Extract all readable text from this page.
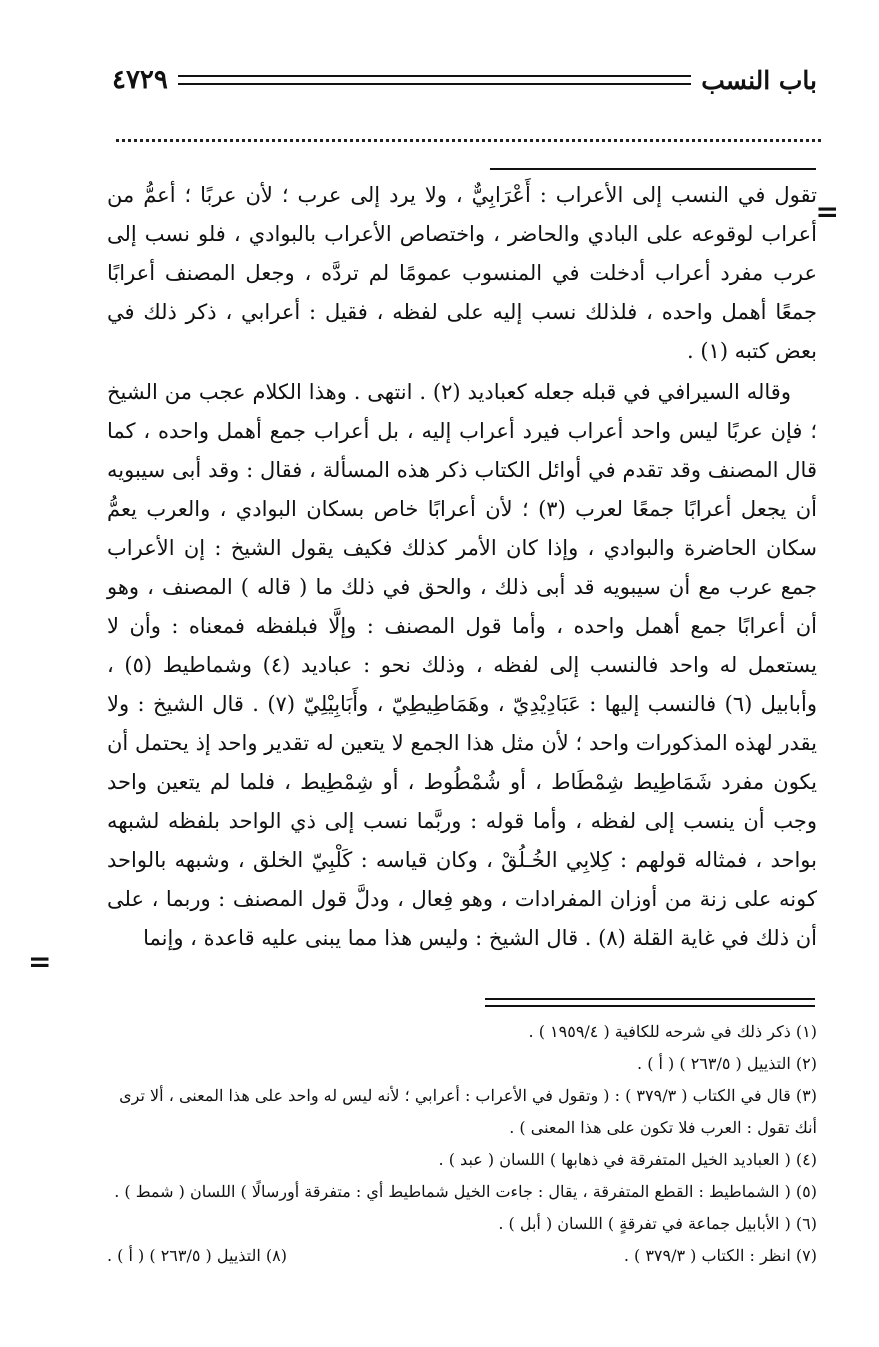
باب النسب
٤٧٢٩
=
=

تقول في النسب إلى الأعراب : أَعْرَابِيٌّ ، ولا يرد إلى عرب ؛ لأن عربًا ؛ أعمُّ من أعراب لوقوعه على البادي والحاضر ، واختصاص الأعراب بالبوادي ، فلو نسب إلى عرب مفرد أعراب أدخلت في المنسوب عمومًا لم تردَّه ، وجعل المصنف أعرابًا جمعًا أهمل واحده ، فلذلك نسب إليه على لفظه ، فقيل : أعرابي ، ذكر ذلك في بعض كتبه (١) .

وقاله السيرافي في قبله جعله كعباديد (٢) . انتهى . وهذا الكلام عجب من الشيخ ؛ فإن عربًا ليس واحد أعراب فيرد أعراب إليه ، بل أعراب جمع أهمل واحده ، كما قال المصنف وقد تقدم في أوائل الكتاب ذكر هذه المسألة ، فقال : وقد أبى سيبويه أن يجعل أعرابًا جمعًا لعرب (٣) ؛ لأن أعرابًا خاص بسكان البوادي ، والعرب يعمُّ سكان الحاضرة والبوادي ، وإذا كان الأمر كذلك فكيف يقول الشيخ : إن الأعراب جمع عرب مع أن سيبويه قد أبى ذلك ، والحق في ذلك ما ( قاله ) المصنف ، وهو أن أعرابًا جمع أهمل واحده ، وأما قول المصنف : وإلَّا فبلفظه فمعناه : وأن لا يستعمل له واحد فالنسب إلى لفظه ، وذلك نحو : عباديد (٤) وشماطيط (٥) ، وأبابيل (٦) فالنسب إليها : عَبَادِيْدِيّ ، وهَمَاطِيطِيّ ، وأَبَابِيْلِيّ (٧) . قال الشيخ : ولا يقدر لهذه المذكورات واحد ؛ لأن مثل هذا الجمع لا يتعين له تقدير واحد إذ يحتمل أن يكون مفرد شَمَاطِيط شِمْطَاط ، أو شُمْطُوط ، أو شِمْطِيط ، فلما لم يتعين واحد وجب أن ينسب إلى لفظه ، وأما قوله : وربَّما نسب إلى ذي الواحد بلفظه لشبهه بواحد ، فمثاله قولهم : كِلابِي الخُـلُقْ ، وكان قياسه : كَلْبِيّ الخلق ، وشبهه بالواحد كونه على زنة من أوزان المفرادات ، وهو فِعال ، ودلَّ قول المصنف : وربما ، على أن ذلك في غاية القلة (٨) . قال الشيخ : وليس هذا مما يبنى عليه قاعدة ، وإنما

(١) ذكر ذلك في شرحه للكافية ( ١٩٥٩/٤ ) .
(٢) التذييل ( ٢٦٣/٥ ) ( أ ) .
(٣) قال في الكتاب ( ٣٧٩/٣ ) : ( وتقول في الأعراب : أعرابي ؛ لأنه ليس له واحد على هذا المعنى ، ألا ترى أنك تقول : العرب فلا تكون على هذا المعنى ) .
(٤) ( العباديد الخيل المتفرقة في ذهابها ) اللسان ( عبد ) .
(٥) ( الشماطيط : القطع المتفرقة ، يقال : جاءت الخيل شماطيط أي : متفرقة أورسالًا ) اللسان ( شمط ) .
(٦) ( الأبابيل جماعة في تفرقةٍ ) اللسان ( أبل ) .
(٧) انظر : الكتاب ( ٣٧٩/٣ ) .
(٨) التذييل ( ٢٦٣/٥ ) ( أ ) .
